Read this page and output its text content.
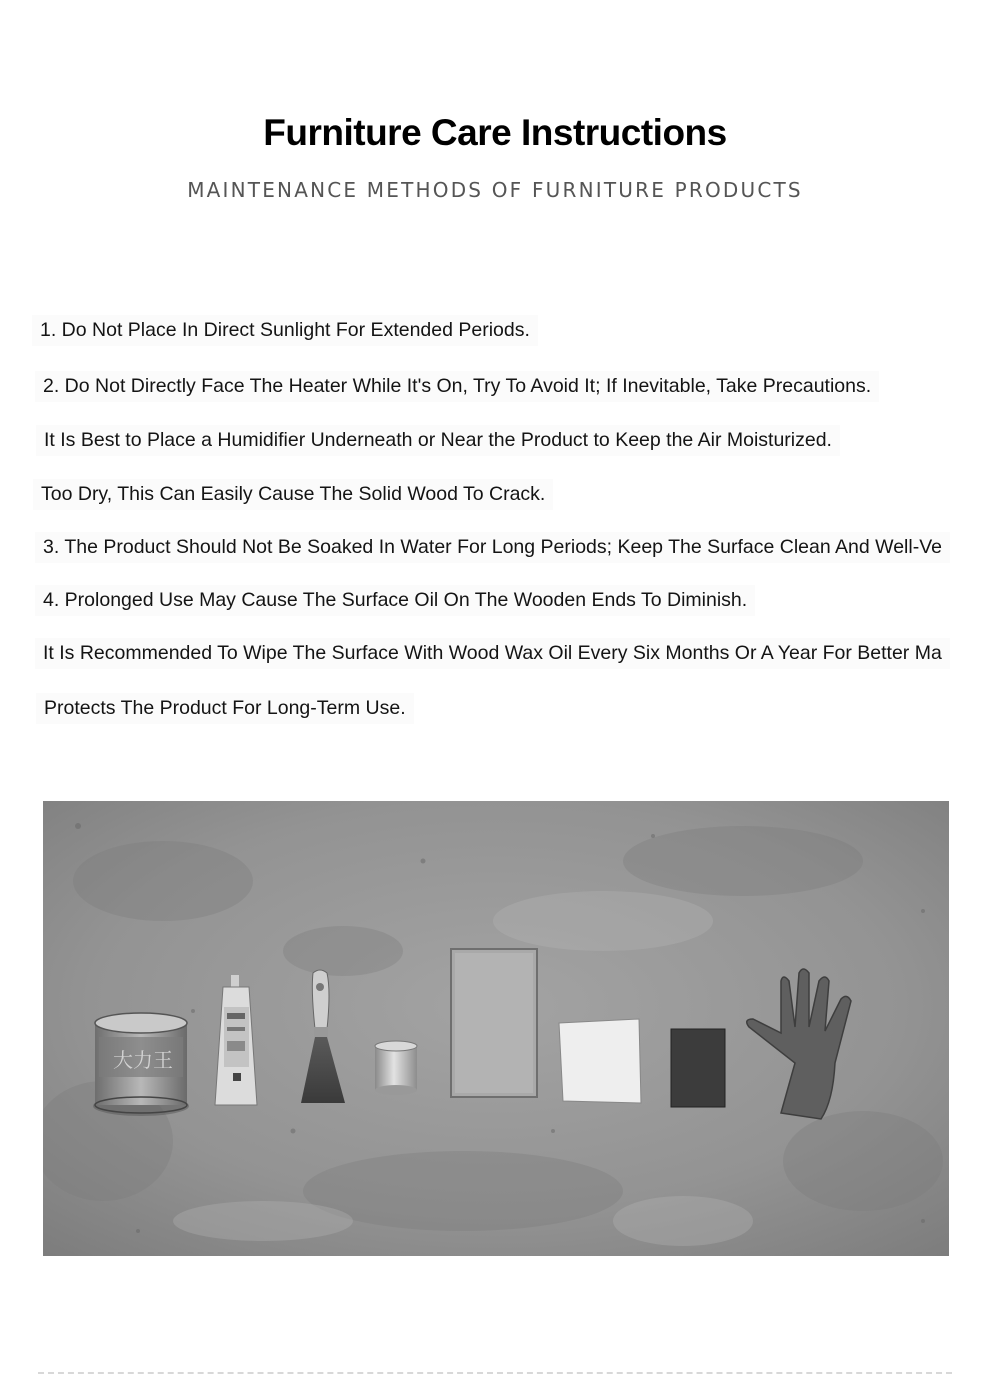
Furniture Care Instructions
MAINTENANCE METHODS OF FURNITURE PRODUCTS
1. Do Not Place In Direct Sunlight For Extended Periods.
2. Do Not Directly Face The Heater While It's On, Try To Avoid It; If Inevitable, Take Precautions.
It Is Best to Place a Humidifier Underneath or Near the Product to Keep the Air Moisturized.
Too Dry, This Can Easily Cause The Solid Wood To Crack.
3. The Product Should Not Be Soaked In Water For Long Periods; Keep The Surface Clean And Well-Ve
4. Prolonged Use May Cause The Surface Oil On The Wooden Ends To Diminish.
It Is Recommended To Wipe The Surface With Wood Wax Oil Every Six Months Or A Year For Better Ma
Protects The Product For Long-Term Use.
大力王
